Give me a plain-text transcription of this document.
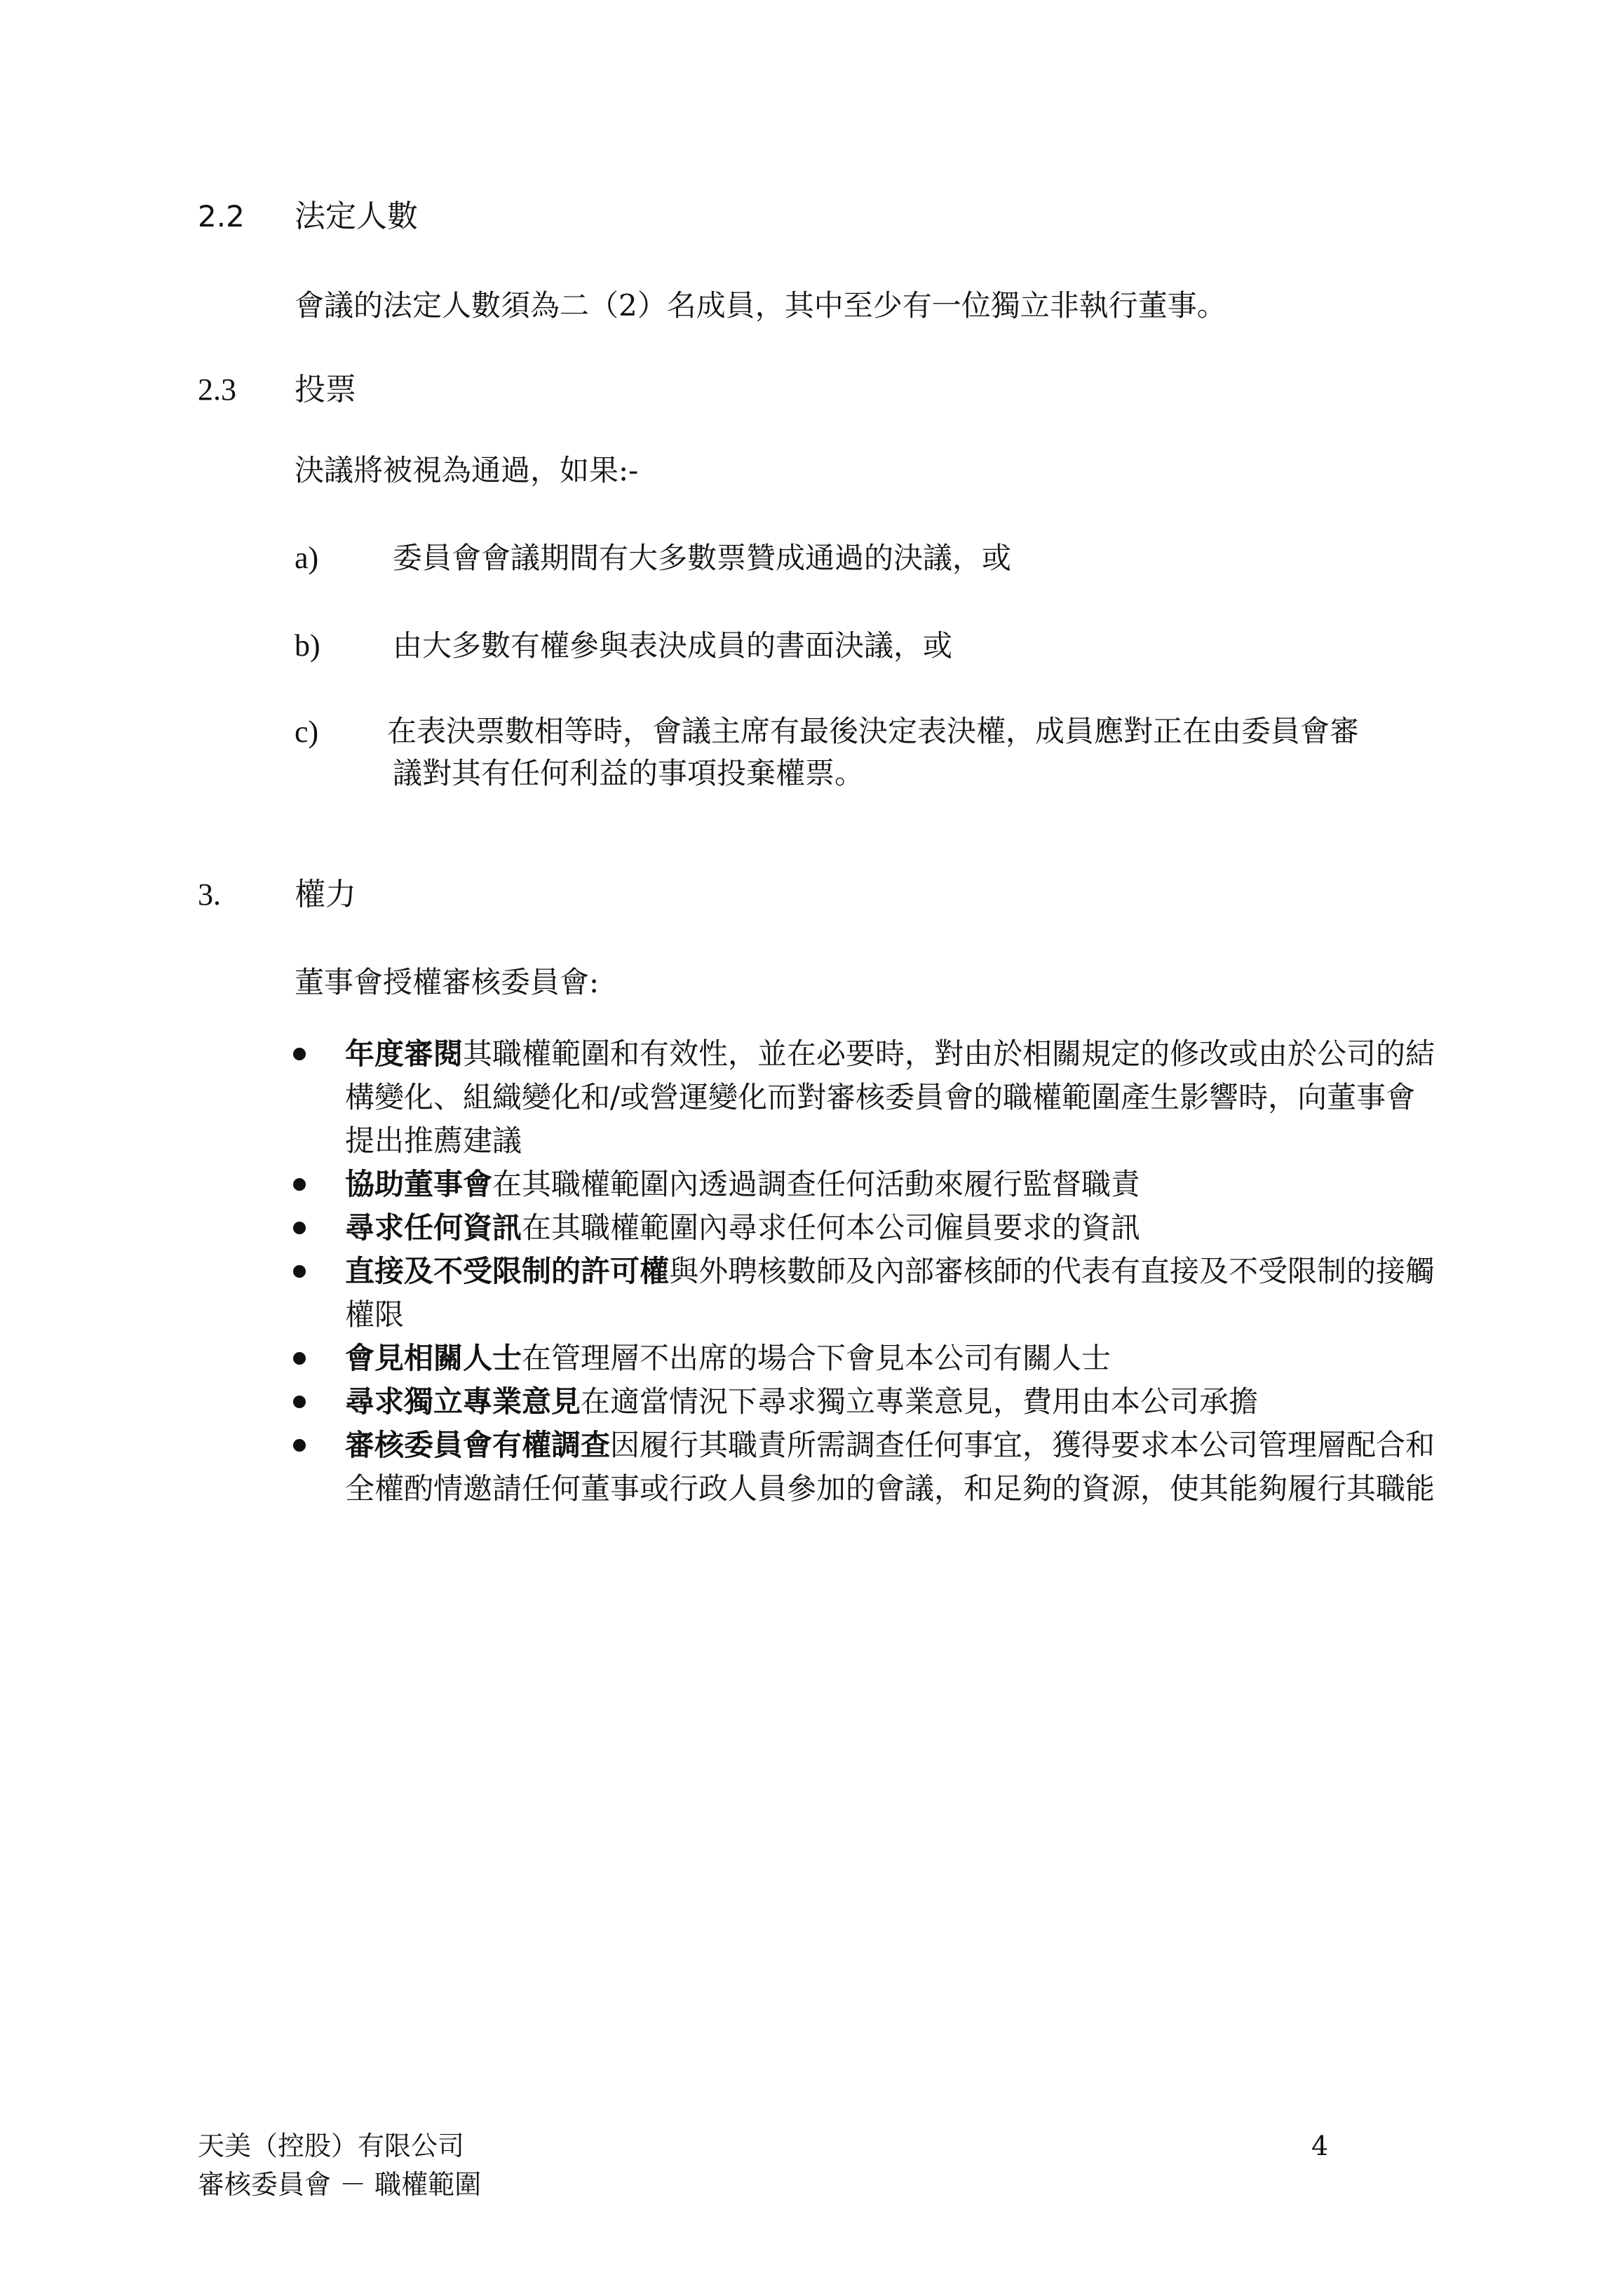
2.2 法定人數
會議的法定人數須為二（2）名成員，其中至少有一位獨立非執行董事。
2.3 投票
決議將被視為通過，如果:-
a)	委員會會議期間有大多數票贊成通過的決議，或
b) 由大多數有權參與表決成員的書面決議，或
c) 在表決票數相等時，會議主席有最後決定表決權，成員應對正在由委員會審
議對其有任何利益的事項投棄權票。
3. 權力
董事會授權審核委員會:
年度審閱其職權範圍和有效性，並在必要時，對由於相關規定的修改或由於公司的結構變化、組織變化和/或營運變化而對審核委員會的職權範圍產生影響時，向董事會提出推薦建議
協助董事會在其職權範圍內透過調查任何活動來履行監督職責
尋求任何資訊在其職權範圍內尋求任何本公司僱員要求的資訊
直接及不受限制的許可權與外聘核數師及內部審核師的代表有直接及不受限制的接觸權限
會見相關人士在管理層不出席的場合下會見本公司有關人士
尋求獨立專業意見在適當情況下尋求獨立專業意見，費用由本公司承擔
審核委員會有權調查因履行其職責所需調查任何事宜，獲得要求本公司管理層配合和全權酌情邀請任何董事或行政人員參加的會議，和足夠的資源，使其能夠履行其職能
天美（控股）有限公司
審核委員會 － 職權範圍
4
